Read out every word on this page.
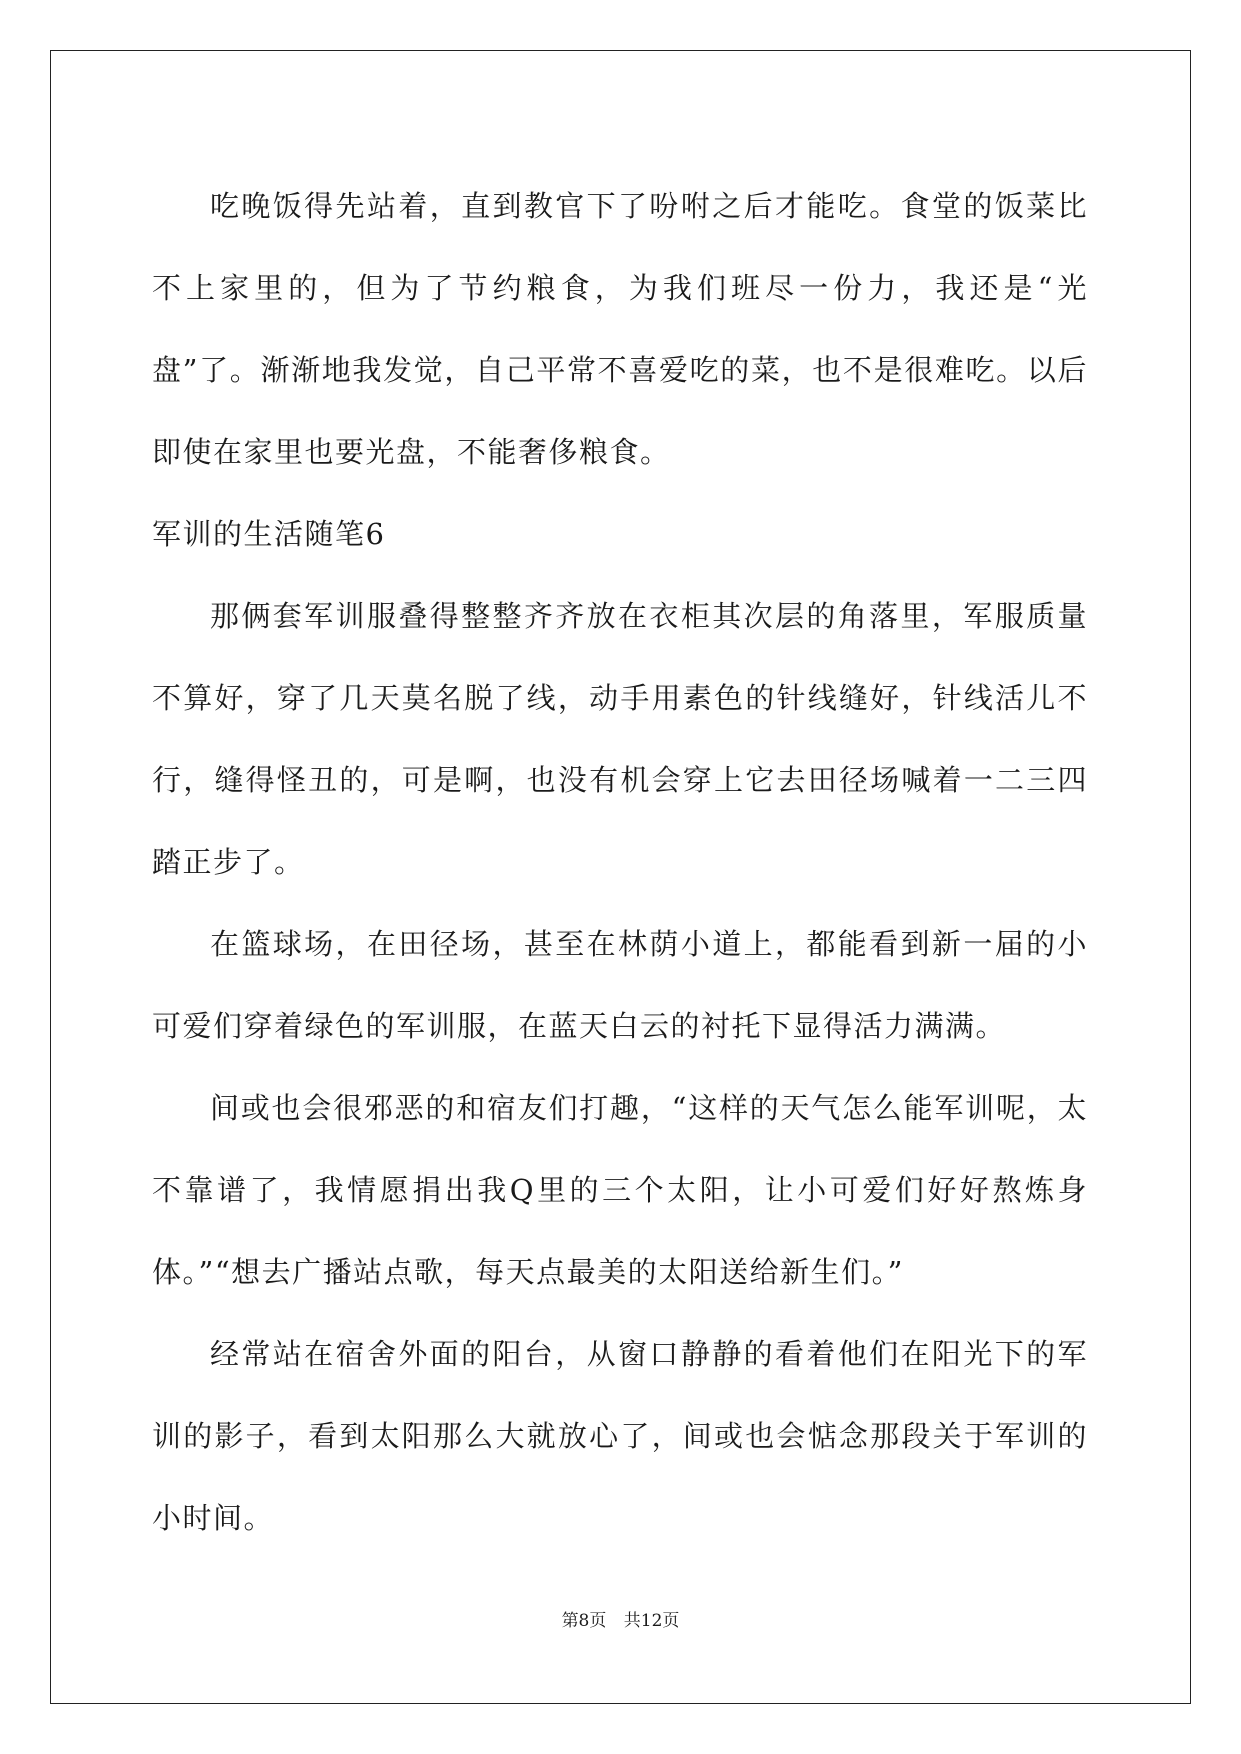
吃晚饭得先站着，直到教官下了吩咐之后才能吃。食堂的饭菜比不上家里的，但为了节约粮食，为我们班尽一份力，我还是“光盘”了。渐渐地我发觉，自己平常不喜爱吃的菜，也不是很难吃。以后即使在家里也要光盘，不能奢侈粮食。

军训的生活随笔6

那俩套军训服叠得整整齐齐放在衣柜其次层的角落里，军服质量不算好，穿了几天莫名脱了线，动手用素色的针线缝好，针线活儿不行，缝得怪丑的，可是啊，也没有机会穿上它去田径场喊着一二三四踏正步了。

在篮球场，在田径场，甚至在林荫小道上，都能看到新一届的小可爱们穿着绿色的军训服，在蓝天白云的衬托下显得活力满满。

间或也会很邪恶的和宿友们打趣，“这样的天气怎么能军训呢，太不靠谱了，我情愿捐出我Q里的三个太阳，让小可爱们好好熬炼身体。”“想去广播站点歌，每天点最美的太阳送给新生们。”

经常站在宿舍外面的阳台，从窗口静静的看着他们在阳光下的军训的影子，看到太阳那么大就放心了，间或也会惦念那段关于军训的小时间。

第8页 共12页
